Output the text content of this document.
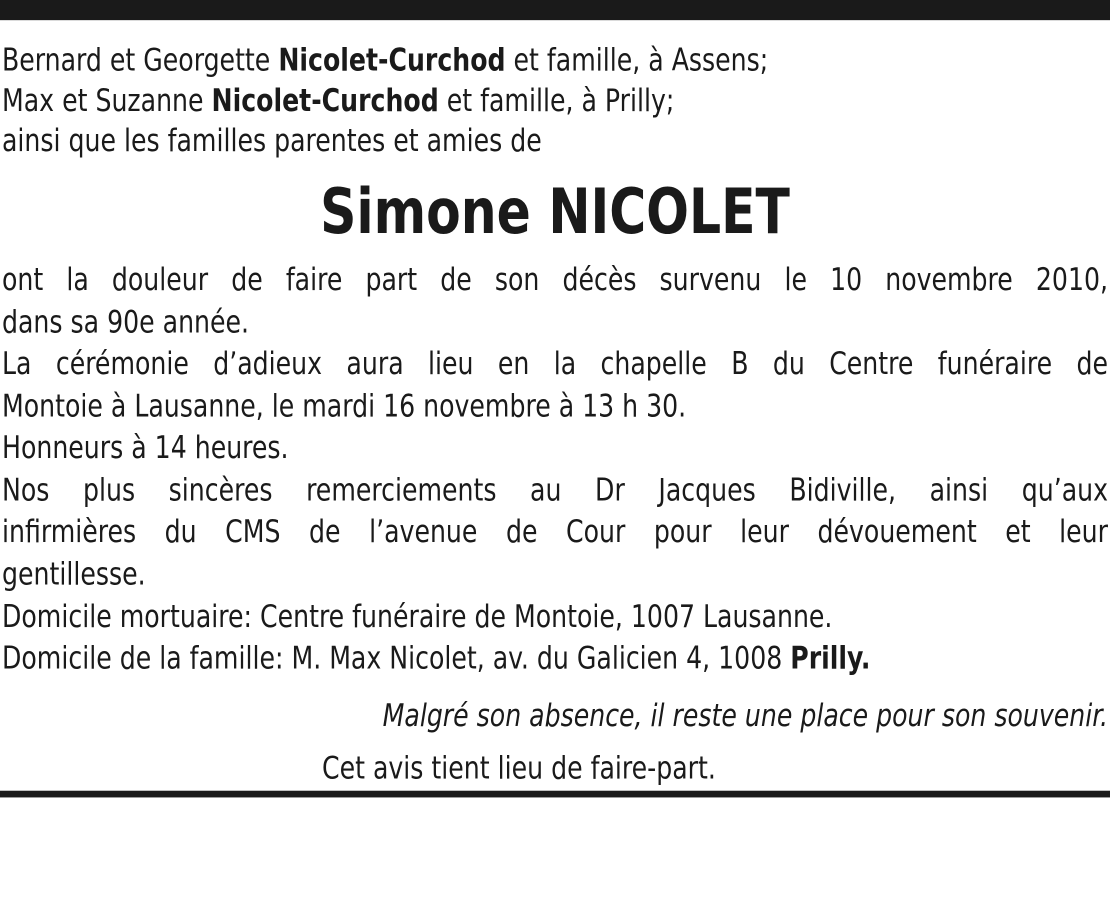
Bernard et Georgette Nicolet-Curchod et famille, à Assens;
Max et Suzanne Nicolet-Curchod et famille, à Prilly;
ainsi que les familles parentes et amies de
Simone NICOLET
ont la douleur de faire part de son décès survenu le 10 novembre 2010,
dans sa 90e année.
La cérémonie d’adieux aura lieu en la chapelle B du Centre funéraire de
Montoie à Lausanne, le mardi 16 novembre à 13 h 30.
Honneurs à 14 heures.
Nos plus sincères remerciements au Dr Jacques Bidiville, ainsi qu’aux
infirmières du CMS de l’avenue de Cour pour leur dévouement et leur
gentillesse.
Domicile mortuaire: Centre funéraire de Montoie, 1007 Lausanne.
Domicile de la famille: M. Max Nicolet, av. du Galicien 4, 1008 Prilly.
Malgré son absence, il reste une place pour son souvenir.
Cet avis tient lieu de faire-part.
